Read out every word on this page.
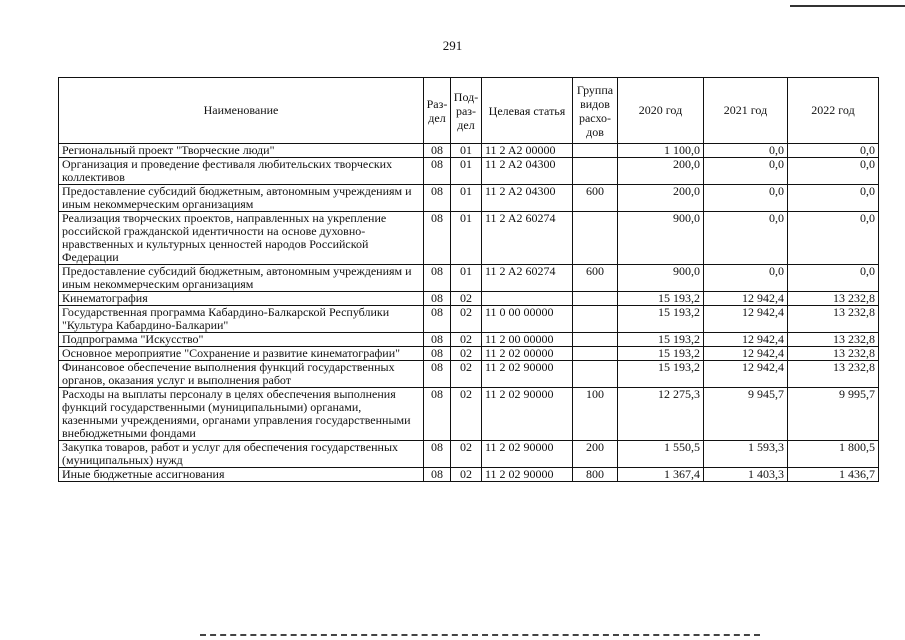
291
Наименование	Раз-дел	Под-раз-дел	Целевая статья	Группа видов расхо-дов	2020 год	2021 год	2022 год
Региональный проект "Творческие люди"	08	01	11 2 A2 00000		1 100,0	0,0	0,0
Организация и проведение фестиваля любительских творческих коллективов	08	01	11 2 A2 04300		200,0	0,0	0,0
Предоставление субсидий бюджетным, автономным учреждениям и иным некоммерческим организациям	08	01	11 2 A2 04300	600	200,0	0,0	0,0
Реализация творческих проектов, направленных на укрепление российской гражданской идентичности на основе духовно-нравственных и культурных ценностей народов Российской Федерации	08	01	11 2 A2 60274		900,0	0,0	0,0
Предоставление субсидий бюджетным, автономным учреждениям и иным некоммерческим организациям	08	01	11 2 A2 60274	600	900,0	0,0	0,0
Кинематография	08	02			15 193,2	12 942,4	13 232,8
Государственная программа Кабардино-Балкарской Республики "Культура Кабардино-Балкарии"	08	02	11 0 00 00000		15 193,2	12 942,4	13 232,8
Подпрограмма "Искусство"	08	02	11 2 00 00000		15 193,2	12 942,4	13 232,8
Основное мероприятие "Сохранение и развитие кинематографии"	08	02	11 2 02 00000		15 193,2	12 942,4	13 232,8
Финансовое обеспечение выполнения функций государственных органов, оказания услуг и выполнения работ	08	02	11 2 02 90000		15 193,2	12 942,4	13 232,8
Расходы на выплаты персоналу в целях обеспечения выполнения функций государственными (муниципальными) органами, казенными учреждениями, органами управления государственными внебюджетными фондами	08	02	11 2 02 90000	100	12 275,3	9 945,7	9 995,7
Закупка товаров, работ и услуг для обеспечения государственных (муниципальных) нужд	08	02	11 2 02 90000	200	1 550,5	1 593,3	1 800,5
Иные бюджетные ассигнования	08	02	11 2 02 90000	800	1 367,4	1 403,3	1 436,7
